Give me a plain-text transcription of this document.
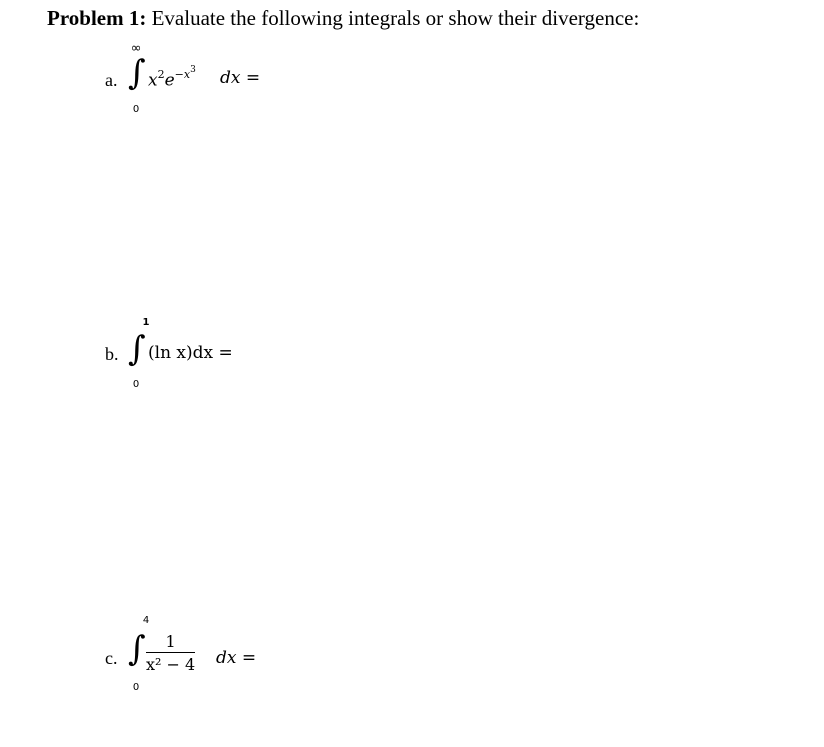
Problem 1: Evaluate the following integrals or show their divergence:
a.
∞
∫
0
$x^2e^{-x^3}$ dx =
b.
1
∫
0
(ln x)dx =
c.
4
∫
0
$\frac{1}{\text{x² − 4}}$ dx =
